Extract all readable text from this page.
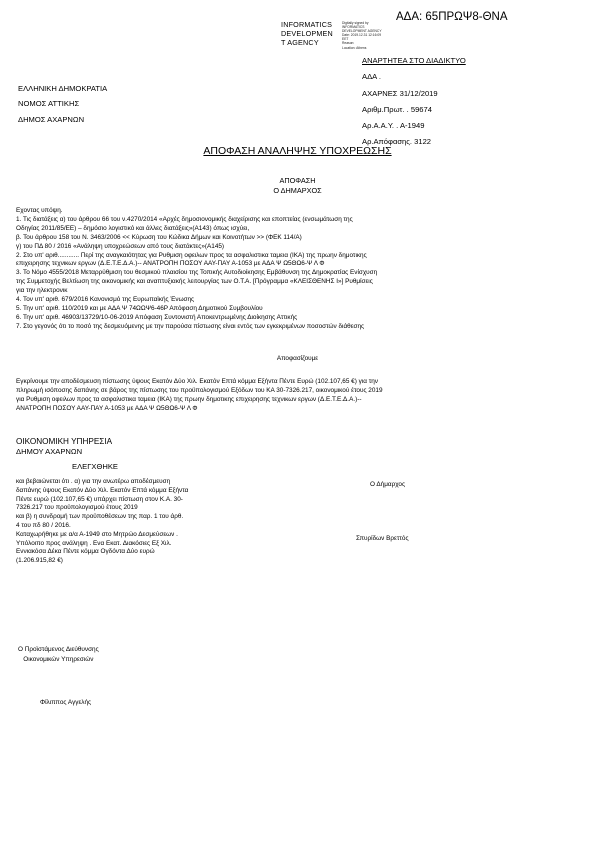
ΑΔΑ: 65ΠΡΩΨ8-ΘΝΑ
INFORMATICS
DEVELOPMEN
T AGENCY
Digitally signed by
INFORMATICS
DEVELOPMENT AGENCY
Date: 2019.12.31 12:16:09
EET
Reason:
Location: Athens
ΑΝΑΡΤΗΤΕΑ ΣΤΟ ΔΙΑΔΙΚΤΥΟ
ΑΔΑ .
ΑΧΑΡΝΕΣ 31/12/2019
Αριθμ.Πρωτ. . 59674
Αρ.Α.Α.Υ. . Α-1949
Αρ.Απόφασης. 3122
ΕΛΛΗΝΙΚΗ ΔΗΜΟΚΡΑΤΙΑ
ΝΟΜΟΣ ΑΤΤΙΚΗΣ
ΔΗΜΟΣ ΑΧΑΡΝΩΝ
ΑΠΟΦΑΣΗ ΑΝΑΛΗΨΗΣ ΥΠΟΧΡΕΩΣΗΣ
ΑΠΟΦΑΣΗ
Ο ΔΗΜΑΡΧΟΣ
Εχοντας υπόψη.
1. Τις διατάξεις α) του άρθρου 66 του ν.4270/2014 «Αρχές δημοσιονομικής διαχείρισης και εποπτείας (ενσωμάτωση της
Οδηγίας 2011/85/ΕΕ) – δημόσιο λογιστικό και άλλες διατάξεις»(Α143) όπως ισχύει,
β. Του άρθρου 158 του Ν. 3463/2006 << Κύρωση του Κώδικα Δήμων και Κοινοτήτων >> (ΦΕΚ 114/Α)
γ) του ΠΔ 80 / 2016 «Ανάληψη υποχρεώσεων από τους διατάκτες»(Α145)
2. Στο υπ' αριθ............ Περί της αναγκαιότητας για Ρυθμιση οφειλων προς τα ασφαλιστικα ταμεια (ΙΚΑ) της πρωην δημοτικης
επιχειρησης τεχνικων εργων (Δ.Ε.Τ.Ε.Δ.Α.)-- ΑΝΑΤΡΟΠΗ ΠΟΣΟΥ ΑΑΥ-ΠΑΥ Α-1053 με ΑΔΑ Ψ Ω5ΘΩ6-Ψ Λ Φ
3. Το Νόμο 4555/2018 Μεταρρύθμιση του θεσμικού πλαισίου της Τοπικής Αυτοδιοίκησης Εμβάθυνση της Δημοκρατίας Ενίσχυση
της Συμμετοχής Βελτίωση της οικονομικής και αναπτυξιακής λειτουργίας των Ο.Τ.Α. [Πρόγραμμα «ΚΛΕΙΣΘΕΝΗΣ Ι»] Ρυθμίσεις
για την ηλεκτρονικ
4. Τον υπ' αριθ. 679/2016 Κανονισμό της Ευρωπαϊκής Ένωσης
5. Την υπ' αριθ. 110/2019 και με ΑΔΑ Ψ 74ΩΩΨ6-46Ρ Απόφαση Δημοτικού Συμβουλίου
6. Την υπ' αριθ. 46903/13729/10-06-2019 Απόφαση Συντονιστή Αποκεντρωμένης Διοίκησης Αττικής
7. Στο γεγονός ότι το ποσό της δεσμευόμενης με την παρούσα πίστωσης είναι εντός των εγκεκριμένων ποσοστών διάθεσης
Αποφασίζουμε
Εγκρίνουμε την αποδέσμευση πίστωσης ύψους Εκατόν Δύο Χιλ. Εκατόν Επτά κόμμα Εξήντα Πέντε Ευρώ (102.107,65 €) για την
πληρωμή ισόποσης δαπάνης σε βάρος της πίστωσης του προϋπολογισμού Εξόδων του ΚΑ 30-7326.217, οικονομικού έτους 2019
για Ρυθμιση οφειλων προς τα ασφαλιστικα ταμεια (ΙΚΑ) της πρωην δημοτικης επιχειρησης τεχνικων εργων (Δ.Ε.Τ.Ε.Δ.Α.)--
ΑΝΑΤΡΟΠΗ ΠΟΣΟΥ ΑΑΥ-ΠΑΥ Α-1053 με ΑΔΑ Ψ Ω5ΘΩ6-Ψ Λ Φ
ΟΙΚΟΝΟΜΙΚΗ ΥΠΗΡΕΣΙΑ
ΔΗΜΟΥ ΑΧΑΡΝΩΝ
ΕΛΕΓΧΘΗΚΕ
και βεβαιώνεται ότι . α) για την ανωτέρω αποδέσμευση
δαπάνης ύψους Εκατόν Δύο Χιλ. Εκατόν Επτά κόμμα Εξήντα
Πέντε ευρώ (102.107,65 €) υπάρχει πίστωση στον Κ.Α. 30-
7326.217 του προϋπολογισμού έτους 2019
και β) η συνδρομή των προϋποθέσεων της παρ. 1 του άρθ.
4 του πδ 80 / 2016.
Καταχωρήθηκε με α/α Α-1949 στο Μητρώο Δεσμεύσεων .
Υπόλοιπο προς ανάληψη . Ενα Εκατ. Διακόσιες Εξ Χιλ.
Εννιακόσα Δέκα Πέντε κόμμα Ογδόντα Δύο ευρώ
(1.206.915,82 €)
Ο Δήμαρχος
Σπυρίδων Βρεττός
Ο Προϊστάμενος Διεύθυνσης
Οικονομικών Υπηρεσιών
Φίλιππος Αγγελής
